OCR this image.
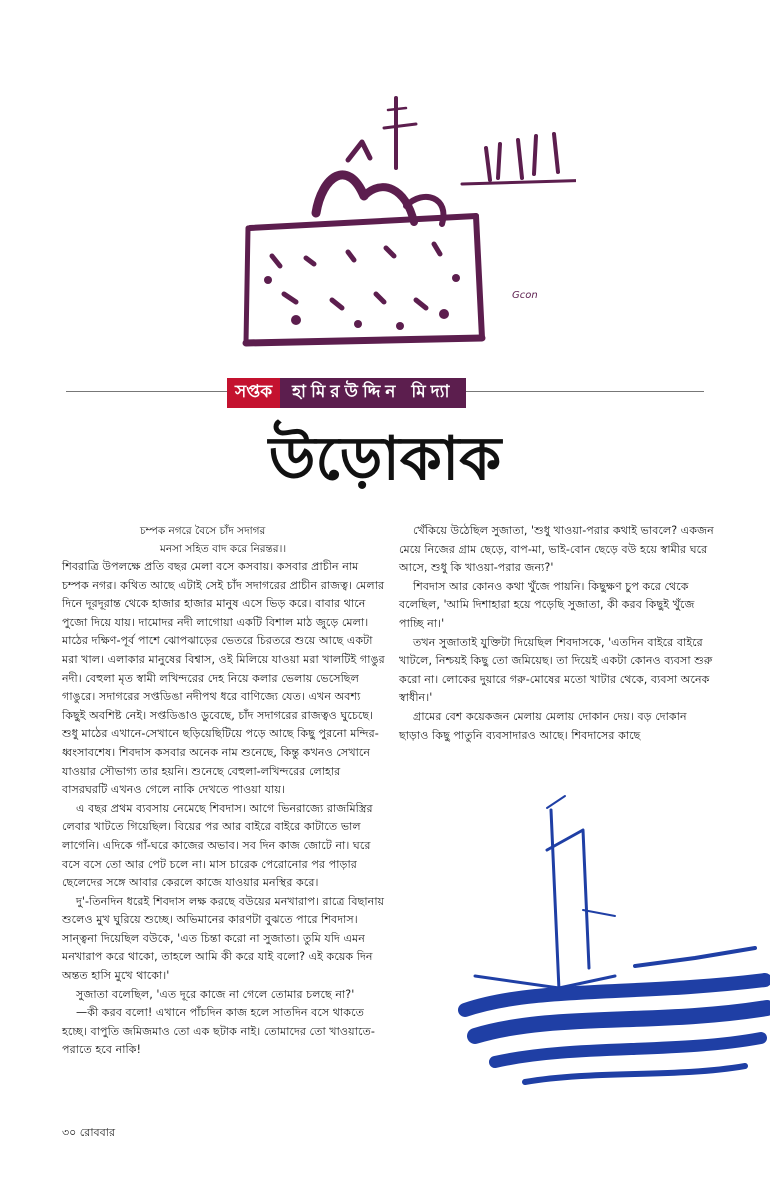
Gcon
সপ্তক	হামিরউদ্দিন মিদ্যা
উড়োকাক
চম্পক নগরে বৈসে চাঁদ সদাগর
মনসা সহিত বাদ করে নিরন্তর।।

শিবরাত্রি উপলক্ষে প্রতি বছর মেলা বসে কসবায়। কসবার প্রাচীন নাম চম্পক নগর। কথিত আছে এটাই সেই চাঁদ সদাগরের প্রাচীন রাজত্ব। মেলার দিনে দূরদূরান্ত থেকে হাজার হাজার মানুষ এসে ভিড় করে। বাবার থানে পুজো দিয়ে যায়। দামোদর নদী লাগোয়া একটি বিশাল মাঠ জুড়ে মেলা। মাঠের দক্ষিণ-পূর্ব পাশে ঝোপঝাড়ের ভেতরে চিরতরে শুয়ে আছে একটা মরা খাল। এলাকার মানুষের বিশ্বাস, ওই মিলিয়ে যাওয়া মরা খালটিই গাঙুর নদী। বেহুলা মৃত স্বামী লখিন্দরের দেহ নিয়ে কলার ভেলায় ভেসেছিল গাঙুরে। সদাগরের সপ্তডিঙা নদীপথ ধরে বাণিজ্যে যেত। এখন অবশ্য কিছুই অবশিষ্ট নেই। সপ্তডিঙাও ডুবেছে, চাঁদ সদাগরের রাজত্বও ঘুচেছে। শুধু মাঠের এখানে-সেখানে ছড়িয়েছিটিয়ে পড়ে আছে কিছু পুরনো মন্দির-ধ্বংসাবশেষ। শিবদাস কসবার অনেক নাম শুনেছে, কিন্তু কখনও সেখানে যাওয়ার সৌভাগ্য তার হয়নি। শুনেছে বেহুলা-লখিন্দরের লোহার বাসরঘরটি এখনও গেলে নাকি দেখতে পাওয়া যায়।

এ বছর প্রথম ব্যবসায় নেমেছে শিবদাস। আগে ভিনরাজ্যে রাজমিস্ত্রির লেবার খাটতে গিয়েছিল। বিয়ের পর আর বাইরে বাইরে কাটাতে ভাল লাগেনি। এদিকে গাঁ-ঘরে কাজের অভাব। সব দিন কাজ জোটে না। ঘরে বসে বসে তো আর পেট চলে না। মাস চারেক পেরোনোর পর পাড়ার ছেলেদের সঙ্গে আবার কেরলে কাজে যাওয়ার মনস্থির করে।

দু'-তিনদিন ধরেই শিবদাস লক্ষ করছে বউয়ের মনখারাপ। রাত্রে বিছানায় শুলেও মুখ ঘুরিয়ে শুচ্ছে। অভিমানের কারণটা বুঝতে পারে শিবদাস। সান্ত্বনা দিয়েছিল বউকে, 'এত চিন্তা করো না সুজাতা। তুমি যদি এমন মনখারাপ করে থাকো, তাহলে আমি কী করে যাই বলো? এই কয়েক দিন অন্তত হাসি মুখে থাকো।'

সুজাতা বলেছিল, 'এত দূরে কাজে না গেলে তোমার চলছে না?'

—কী করব বলো! এখানে পাঁচদিন কাজ হলে সাতদিন বসে থাকতে হচ্ছে। বাপুতি জমিজমাও তো এক ছটাক নাই। তোমাদের তো খাওয়াতে-পরাতে হবে নাকি!

খেঁকিয়ে উঠেছিল সুজাতা, 'শুধু খাওয়া-পরার কথাই ভাবলে? একজন মেয়ে নিজের গ্রাম ছেড়ে, বাপ-মা, ভাই-বোন ছেড়ে বউ হয়ে স্বামীর ঘরে আসে, শুধু কি খাওয়া-পরার জন্য?'

শিবদাস আর কোনও কথা খুঁজে পায়নি। কিছুক্ষণ চুপ করে থেকে বলেছিল, 'আমি দিশাহারা হয়ে পড়েছি সুজাতা, কী করব কিছুই খুঁজে পাচ্ছি না।'

তখন সুজাতাই যুক্তিটা দিয়েছিল শিবদাসকে, 'এতদিন বাইরে বাইরে খাটলে, নিশ্চয়ই কিছু তো জমিয়েছ। তা দিয়েই একটা কোনও ব্যবসা শুরু করো না। লোকের দুয়ারে গরু-মোষের মতো খাটার থেকে, ব্যবসা অনেক স্বাধীন।'

গ্রামের বেশ কয়েকজন মেলায় মেলায় দোকান দেয়। বড় দোকান ছাড়াও কিছু পাতুনি ব্যবসাদারও আছে। শিবদাসের কাছে

৩০ রোববার
